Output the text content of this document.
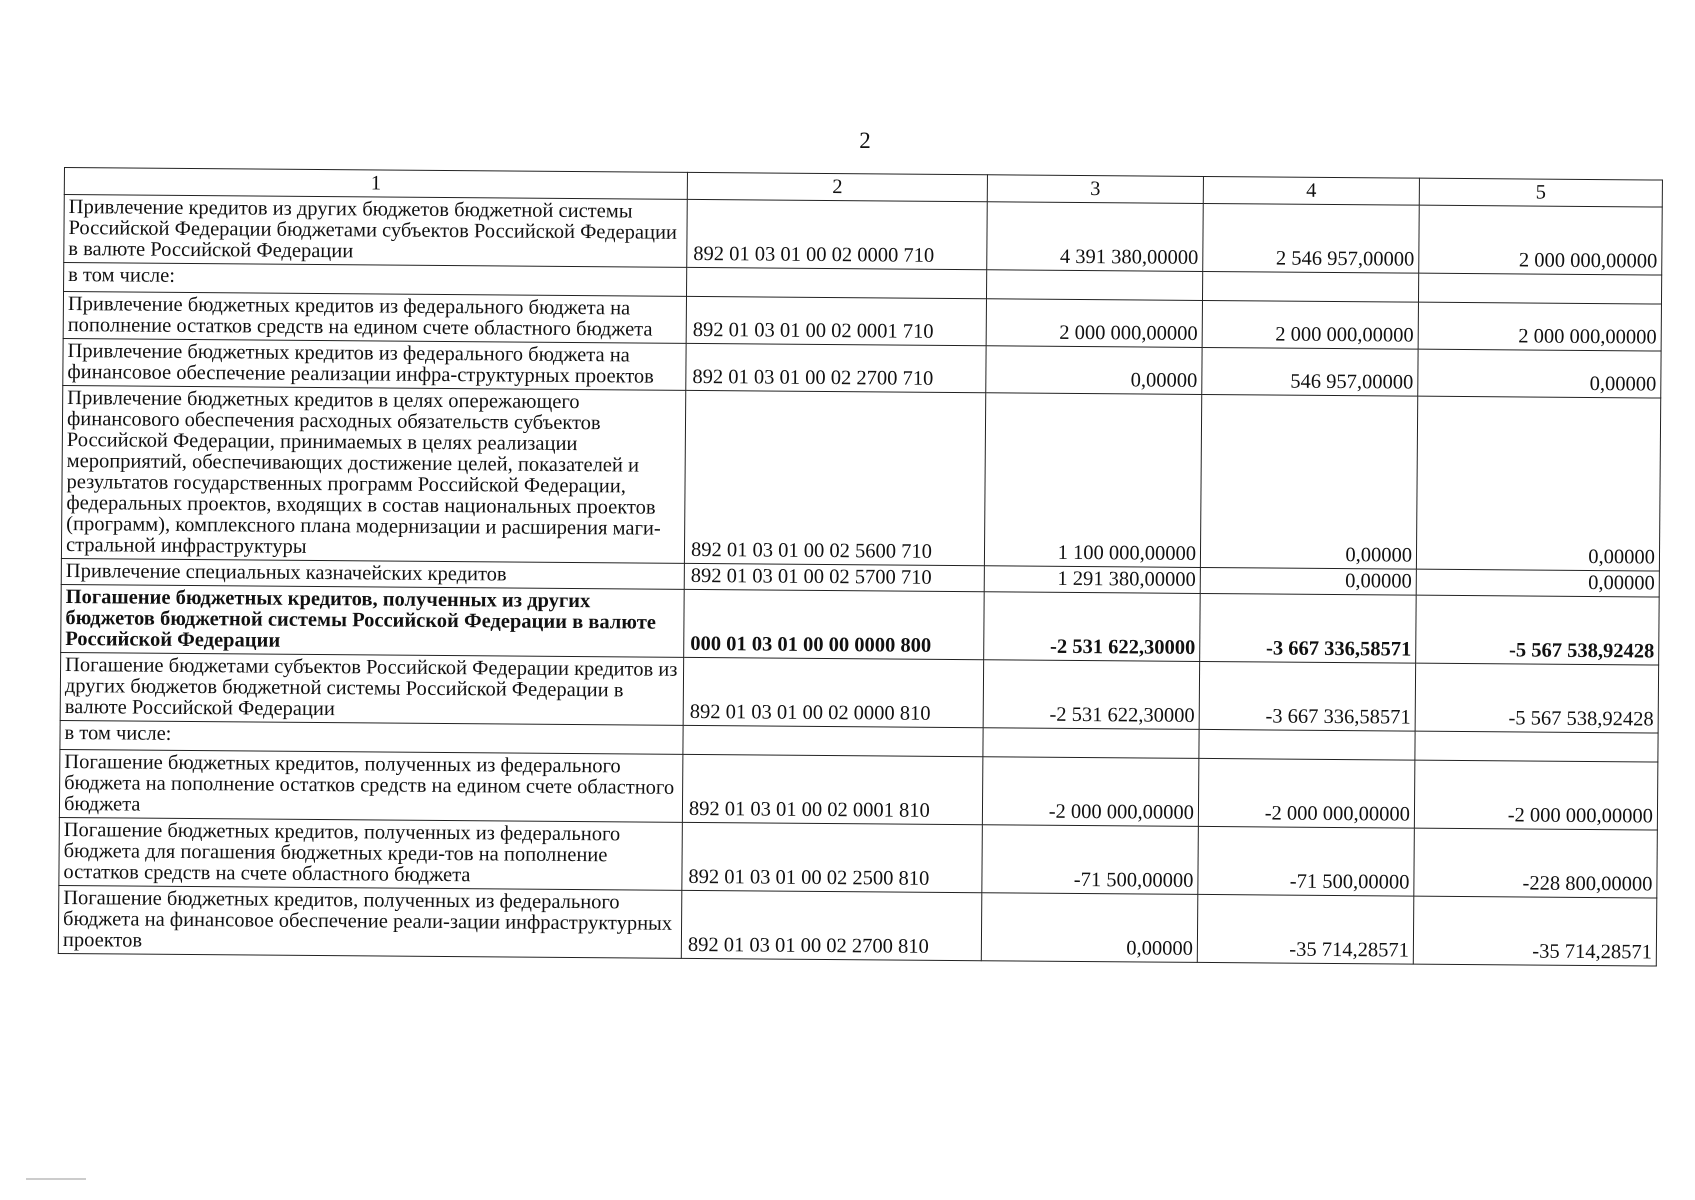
2
1	2	3	4	5
Привлечение кредитов из других бюджетов бюджетной системы Российской Федерации бюджетами субъектов Российской Федерации в валюте Российской Федерации	892 01 03 01 00 02 0000 710	4 391 380,00000	2 546 957,00000	2 000 000,00000
в том числе:				
Привлечение бюджетных кредитов из федерального бюджета на пополнение остатков средств на едином счете областного бюджета	892 01 03 01 00 02 0001 710	2 000 000,00000	2 000 000,00000	2 000 000,00000
Привлечение бюджетных кредитов из федерального бюджета на финансовое обеспечение реализации инфра-структурных проектов	892 01 03 01 00 02 2700 710	0,00000	546 957,00000	0,00000
Привлечение бюджетных кредитов в целях опережающего финансового обеспечения расходных обязательств субъектов Российской Федерации, принимаемых в целях реализации мероприятий, обеспечивающих достижение целей, показателей и результатов государственных программ Российской Федерации, федеральных проектов, входящих в состав национальных проектов (программ), комплексного плана модернизации и расширения маги-стральной инфраструктуры	892 01 03 01 00 02 5600 710	1 100 000,00000	0,00000	0,00000
Привлечение специальных казначейских кредитов	892 01 03 01 00 02 5700 710	1 291 380,00000	0,00000	0,00000
Погашение бюджетных кредитов, полученных из других бюджетов бюджетной системы Российской Федерации в валюте Российской Федерации	000 01 03 01 00 00 0000 800	-2 531 622,30000	-3 667 336,58571	-5 567 538,92428
Погашение бюджетами субъектов Российской Федерации кредитов из других бюджетов бюджетной системы Российской Федерации в валюте Российской Федерации	892 01 03 01 00 02 0000 810	-2 531 622,30000	-3 667 336,58571	-5 567 538,92428
в том числе:				
Погашение бюджетных кредитов, полученных из федерального бюджета на пополнение остатков средств на едином счете областного бюджета	892 01 03 01 00 02 0001 810	-2 000 000,00000	-2 000 000,00000	-2 000 000,00000
Погашение бюджетных кредитов, полученных из федерального бюджета для погашения бюджетных креди-тов на пополнение остатков средств на счете областного бюджета	892 01 03 01 00 02 2500 810	-71 500,00000	-71 500,00000	-228 800,00000
Погашение бюджетных кредитов, полученных из федерального бюджета на финансовое обеспечение реали-зации инфраструктурных проектов	892 01 03 01 00 02 2700 810	0,00000	-35 714,28571	-35 714,28571
